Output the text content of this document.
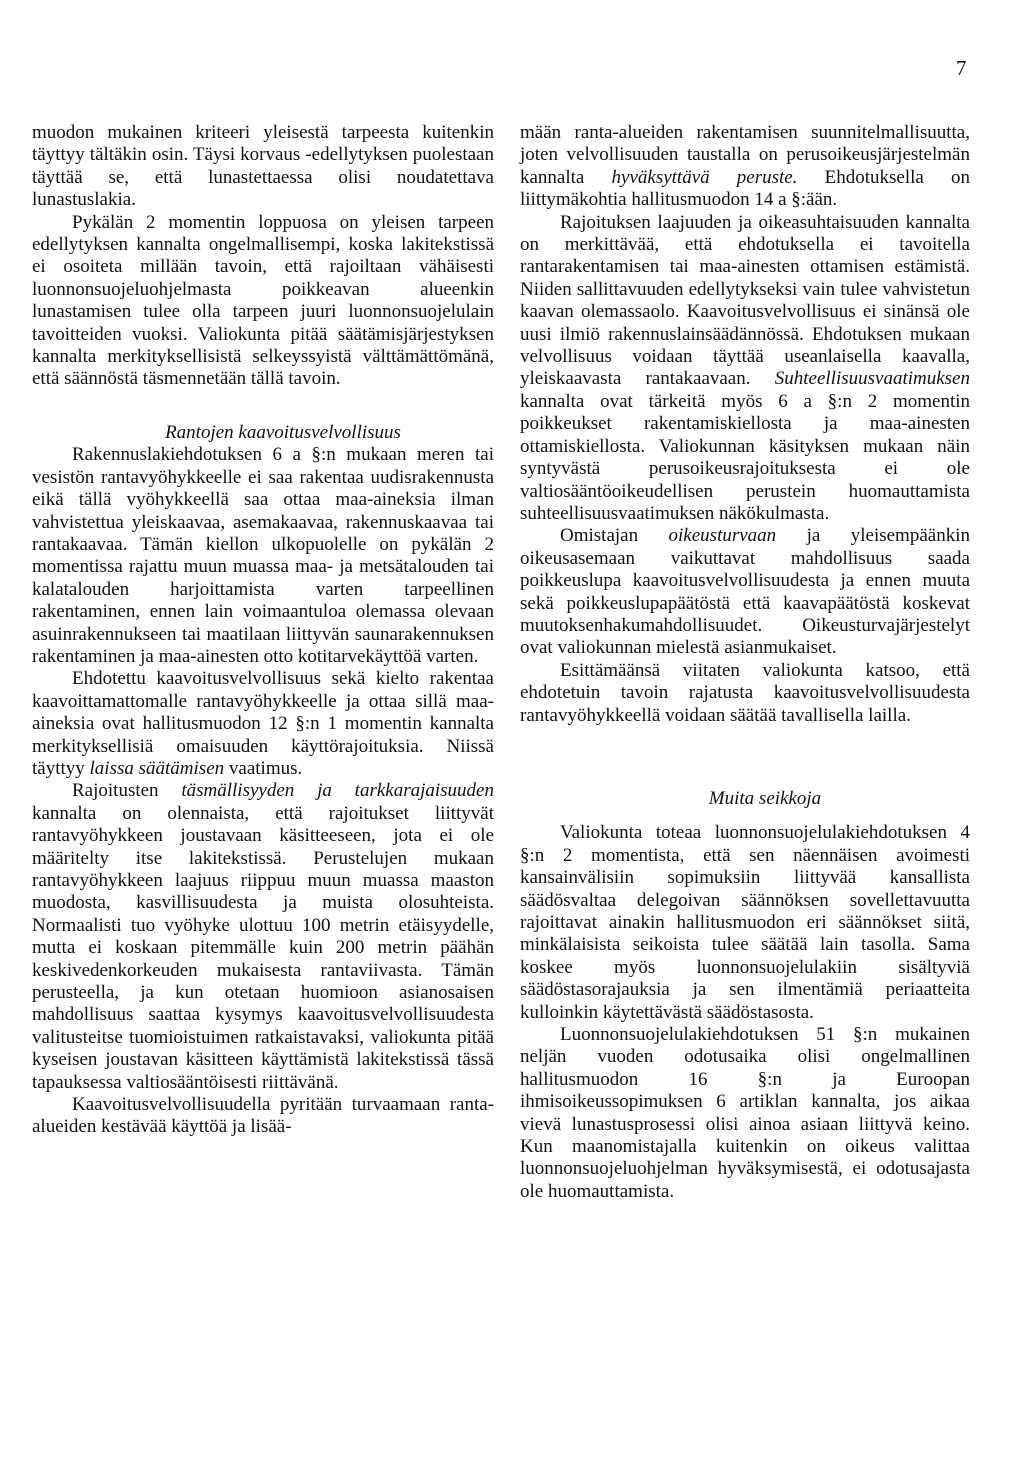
7

muodon mukainen kriteeri yleisestä tarpeesta kuitenkin täyttyy tältäkin osin. Täysi korvaus -edellytyksen puolestaan täyttää se, että lunastettaessa olisi noudatettava lunastuslakia.

Pykälän 2 momentin loppuosa on yleisen tarpeen edellytyksen kannalta ongelmallisempi, koska lakitekstissä ei osoiteta millään tavoin, että rajoiltaan vähäisesti luonnonsuojeluohjelmasta poikkeavan alueenkin lunastamisen tulee olla tarpeen juuri luonnonsuojelulain tavoitteiden vuoksi. Valiokunta pitää säätämisjärjestyksen kannalta merkityksellisistä selkeyssyistä välttämättömänä, että säännöstä täsmennetään tällä tavoin.

Rantojen kaavoitusvelvollisuus

Rakennuslakiehdotuksen 6 a §:n mukaan meren tai vesistön rantavyöhykkeelle ei saa rakentaa uudisrakennusta eikä tällä vyöhykkeellä saa ottaa maa-aineksia ilman vahvistettua yleiskaavaa, asemakaavaa, rakennuskaavaa tai rantakaavaa. Tämän kiellon ulkopuolelle on pykälän 2 momentissa rajattu muun muassa maa- ja metsätalouden tai kalatalouden harjoittamista varten tarpeellinen rakentaminen, ennen lain voimaantuloa olemassa olevaan asuinrakennukseen tai maatilaan liittyvän saunarakennuksen rakentaminen ja maa-ainesten otto kotitarvekäyttöä varten.

Ehdotettu kaavoitusvelvollisuus sekä kielto rakentaa kaavoittamattomalle rantavyöhykkeelle ja ottaa sillä maa-aineksia ovat hallitusmuodon 12 §:n 1 momentin kannalta merkityksellisiä omaisuuden käyttörajoituksia. Niissä täyttyy laissa säätämisen vaatimus.

Rajoitusten täsmällisyyden ja tarkkarajaisuuden kannalta on olennaista, että rajoitukset liittyvät rantavyöhykkeen joustavaan käsitteeseen, jota ei ole määritelty itse lakitekstissä. Perustelujen mukaan rantavyöhykkeen laajuus riippuu muun muassa maaston muodosta, kasvillisuudesta ja muista olosuhteista. Normaalisti tuo vyöhyke ulottuu 100 metrin etäisyydelle, mutta ei koskaan pitemmälle kuin 200 metrin päähän keskivedenkorkeuden mukaisesta rantaviivasta. Tämän perusteella, ja kun otetaan huomioon asianosaisen mahdollisuus saattaa kysymys kaavoitusvelvollisuudesta valitusteitse tuomioistuimen ratkaistavaksi, valiokunta pitää kyseisen joustavan käsitteen käyttämistä lakitekstissä tässä tapauksessa valtiosääntöisesti riittävänä.

Kaavoitusvelvollisuudella pyritään turvaamaan ranta-alueiden kestävää käyttöä ja lisää-

mään ranta-alueiden rakentamisen suunnitelmallisuutta, joten velvollisuuden taustalla on perusoikeusjärjestelmän kannalta hyväksyttävä peruste. Ehdotuksella on liittymäkohtia hallitusmuodon 14 a §:ään.

Rajoituksen laajuuden ja oikeasuhtaisuuden kannalta on merkittävää, että ehdotuksella ei tavoitella rantarakentamisen tai maa-ainesten ottamisen estämistä. Niiden sallittavuuden edellytykseksi vain tulee vahvistetun kaavan olemassaolo. Kaavoitusvelvollisuus ei sinänsä ole uusi ilmiö rakennuslainsäädännössä. Ehdotuksen mukaan velvollisuus voidaan täyttää useanlaisella kaavalla, yleiskaavasta rantakaavaan. Suhteellisuusvaatimuksen kannalta ovat tärkeitä myös 6 a §:n 2 momentin poikkeukset rakentamiskiellosta ja maa-ainesten ottamiskiellosta. Valiokunnan käsityksen mukaan näin syntyvästä perusoikeusrajoituksesta ei ole valtiosääntöoikeudellisen perustein huomauttamista suhteellisuusvaatimuksen näkökulmasta.

Omistajan oikeusturvaan ja yleisempäänkin oikeusasemaan vaikuttavat mahdollisuus saada poikkeuslupa kaavoitusvelvollisuudesta ja ennen muuta sekä poikkeuslupapäätöstä että kaavapäätöstä koskevat muutoksenhakumahdollisuudet. Oikeusturvajärjestelyt ovat valiokunnan mielestä asianmukaiset.

Esittämäänsä viitaten valiokunta katsoo, että ehdotetuin tavoin rajatusta kaavoitusvelvollisuudesta rantavyöhykkeellä voidaan säätää tavallisella lailla.

Muita seikkoja

Valiokunta toteaa luonnonsuojelulakiehdotuksen 4 §:n 2 momentista, että sen näennäisen avoimesti kansainvälisiin sopimuksiin liittyvää kansallista säädösvaltaa delegoivan säännöksen sovellettavuutta rajoittavat ainakin hallitusmuodon eri säännökset siitä, minkälaisista seikoista tulee säätää lain tasolla. Sama koskee myös luonnonsuojelulakiin sisältyviä säädöstasorajauksia ja sen ilmentämiä periaatteita kulloinkin käytettävästä säädöstasosta.

Luonnonsuojelulakiehdotuksen 51 §:n mukainen neljän vuoden odotusaika olisi ongelmallinen hallitusmuodon 16 §:n ja Euroopan ihmisoikeussopimuksen 6 artiklan kannalta, jos aikaa vievä lunastusprosessi olisi ainoa asiaan liittyvä keino. Kun maanomistajalla kuitenkin on oikeus valittaa luonnonsuojeluohjelman hyväksymisestä, ei odotusajasta ole huomauttamista.
